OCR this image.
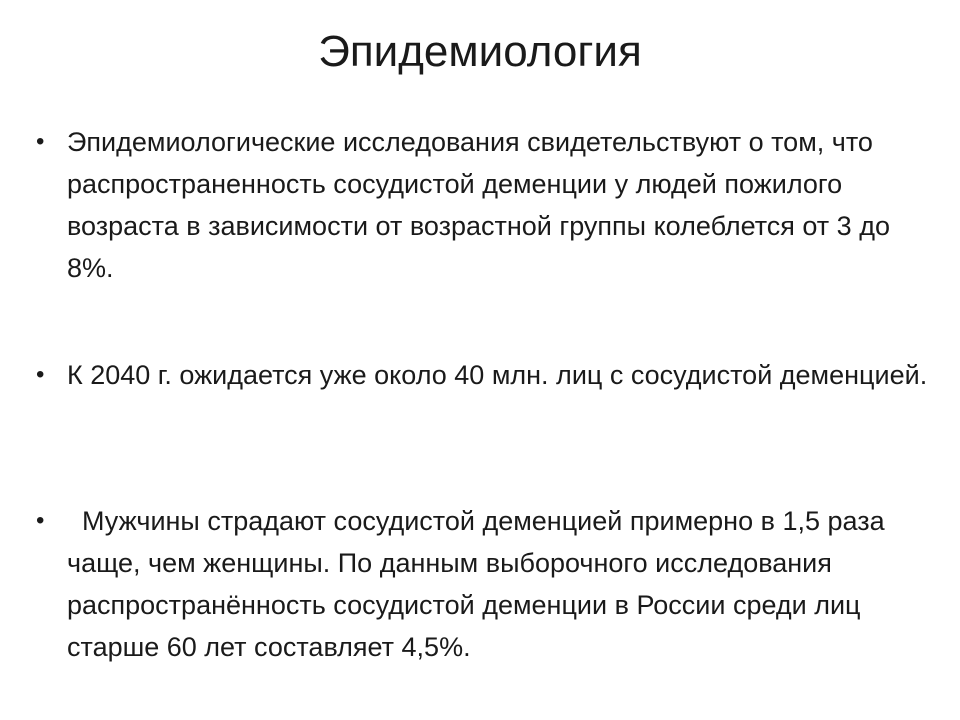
Эпидемиология
• Эпидемиологические исследования свидетельствуют о том, что распространенность сосудистой деменции у людей пожилого возраста в зависимости от возрастной группы колеблется от 3 до 8%.
• К 2040 г. ожидается уже около 40 млн. лиц с сосудистой деменцией.
• Мужчины страдают сосудистой деменцией примерно в 1,5 раза чаще, чем женщины. По данным выборочного исследования распространённость сосудистой деменции в России среди лиц старше 60 лет составляет 4,5%.
